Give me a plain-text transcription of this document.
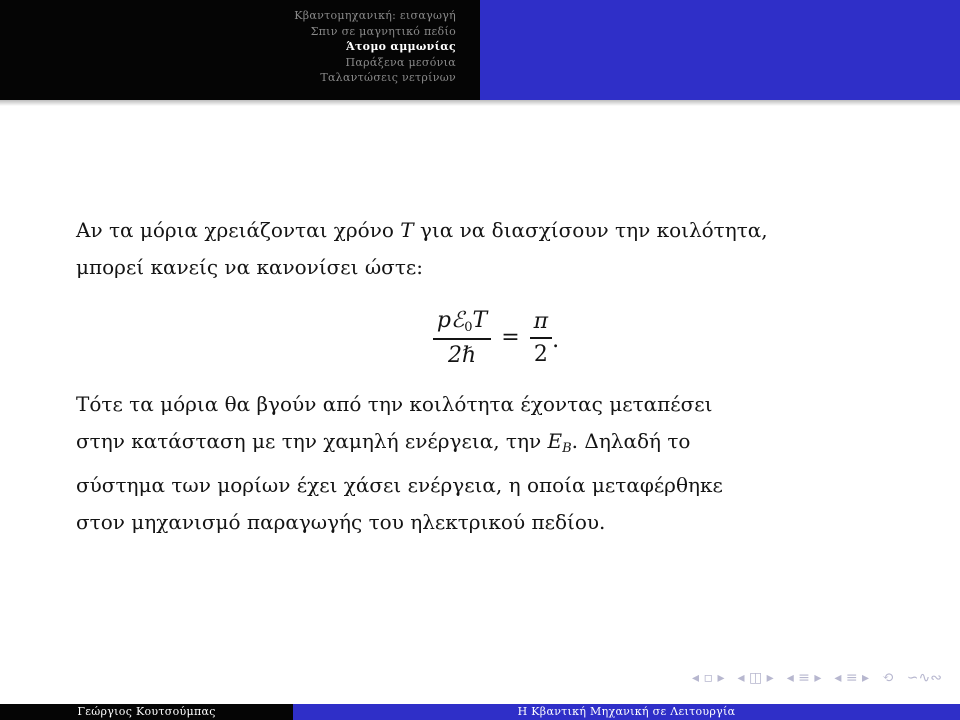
Κβαντομηχανική: εισαγωγή
Σπιν σε μαγνητικό πεδίο
Άτομο αμμωνίας
Παράξενα μεσόνια
Ταλαντώσεις νετρίνων

Αν τα μόρια χρειάζονται χρόνο T για να διασχίσουν την κοιλότητα,
μπορεί κανείς να κανονίσει ώστε:

$\frac{pℰ_0T}{\text{2ℏ}} = \frac{\pi}{2}$ .

Τότε τα μόρια θα βγούν από την κοιλότητα έχοντας μεταπέσει
στην κατάσταση με την χαμηλή ενέργεια, την $E_B$. Δηλαδή το
σύστημα των μορίων έχει χάσει ενέργεια, η οποία μεταφέρθηκε
στον μηχανισμό παραγωγής του ηλεκτρικού πεδίου.

◂ ▫ ▸ ◂ ◫ ▸ ◂ ≡ ▸ ◂ ≡ ▸ ⟲ ∽∿∾
Γεώργιος Κουτσούμπας	Η Κβαντική Μηχανική σε Λειτουργία
